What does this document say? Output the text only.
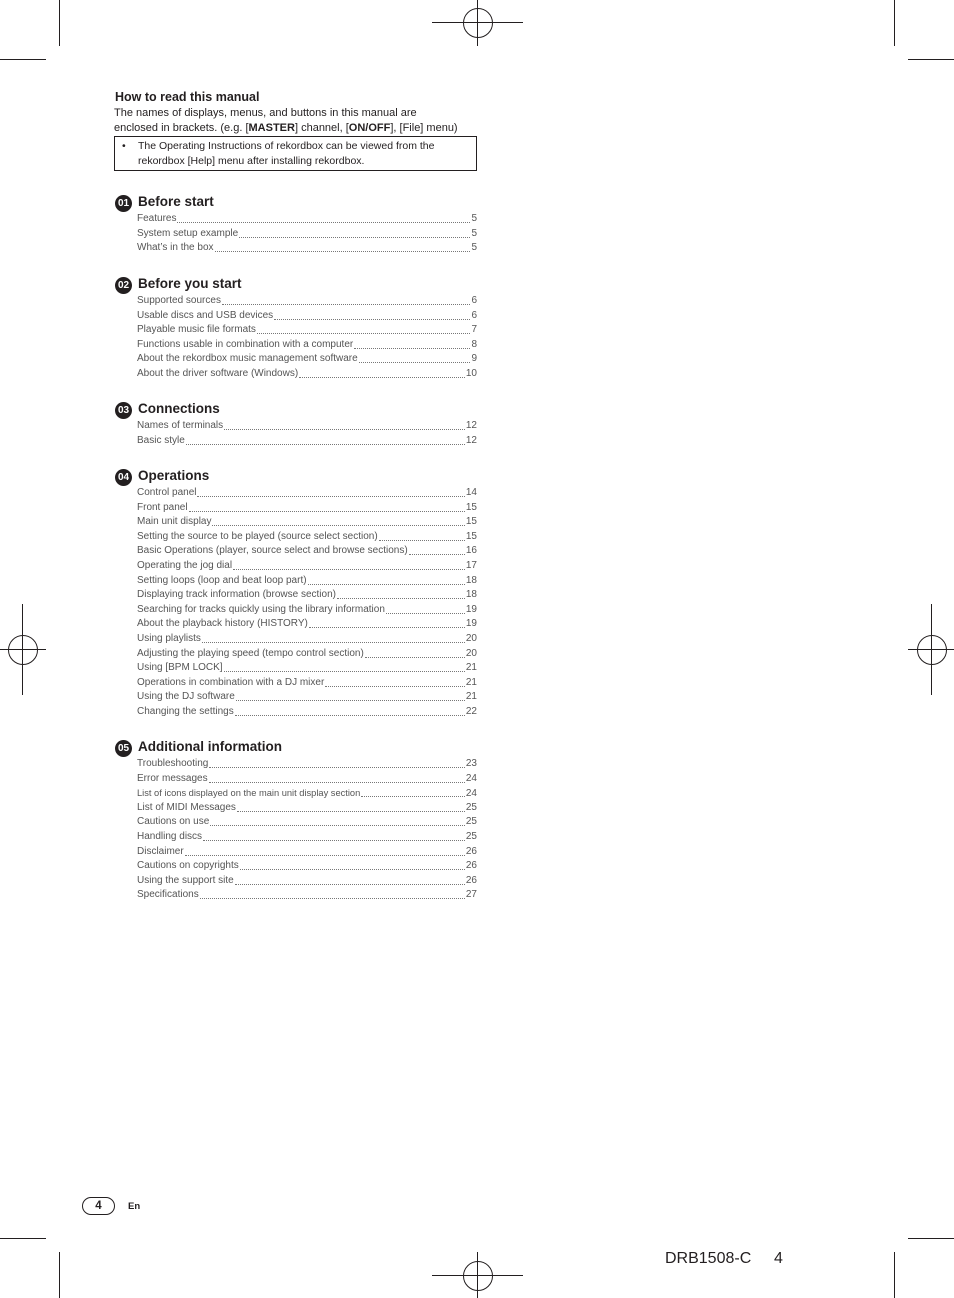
How to read this manual
The names of displays, menus, and buttons in this manual are
enclosed in brackets. (e.g. [MASTER] channel, [ON/OFF], [File] menu)
• The Operating Instructions of rekordbox can be viewed from the
rekordbox [Help] menu after installing rekordbox.
01 Before start
Features	5
System setup example	5
What’s in the box	5
02 Before you start
Supported sources	6
Usable discs and USB devices	6
Playable music file formats	7
Functions usable in combination with a computer	8
About the rekordbox music management software	9
About the driver software (Windows)	10
03 Connections
Names of terminals	12
Basic style	12
04 Operations
Control panel	14
Front panel	15
Main unit display	15
Setting the source to be played (source select section)	15
Basic Operations (player, source select and browse sections)	16
Operating the jog dial	17
Setting loops (loop and beat loop part)	18
Displaying track information (browse section)	18
Searching for tracks quickly using the library information	19
About the playback history (HISTORY)	19
Using playlists	20
Adjusting the playing speed (tempo control section)	20
Using [BPM LOCK]	21
Operations in combination with a DJ mixer	21
Using the DJ software	21
Changing the settings	22
05 Additional information
Troubleshooting	23
Error messages	24
List of icons displayed on the main unit display section	24
List of MIDI Messages	25
Cautions on use	25
Handling discs	25
Disclaimer	26
Cautions on copyrights	26
Using the support site	26
Specifications	27
4	En
DRB1508-C 4
